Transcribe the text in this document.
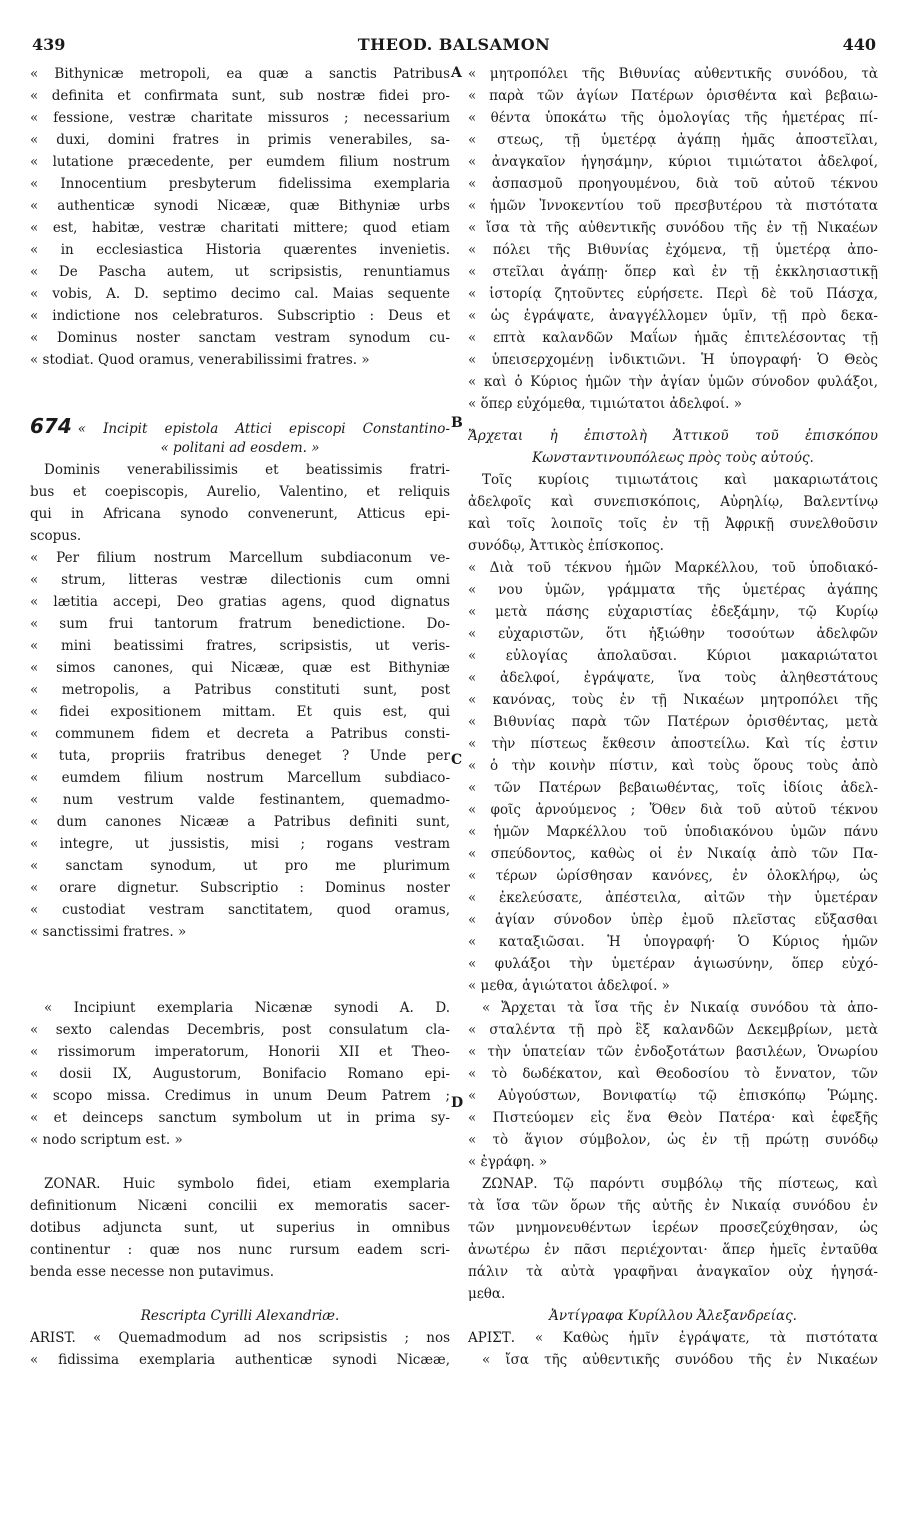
439	THEOD. BALSAMON	440
« Bithynicæ metropoli, ea quæ a sanctis Patribus
« definita et confirmata sunt, sub nostræ fidei pro-
« fessione, vestræ charitate missuros ; necessarium
« duxi, domini fratres in primis venerabiles, sa-
« lutatione præcedente, per eumdem filium nostrum
« Innocentium presbyterum fidelissima exemplaria
« authenticæ synodi Nicææ, quæ Bithyniæ urbs
« est, habitæ, vestræ charitati mittere; quod etiam
« in ecclesiastica Historia quærentes invenietis.
« De Pascha autem, ut scripsistis, renuntiamus
« vobis, A. D. septimo decimo cal. Maias sequente
« indictione nos celebraturos. Subscriptio : Deus et
« Dominus noster sanctam vestram synodum cu-
« stodiat. Quod oramus, venerabilissimi fratres. »
674 « Incipit epistola Attici episcopi Constantino-
« politani ad eosdem. »
Dominis venerabilissimis et beatissimis fratri-
bus et coepiscopis, Aurelio, Valentino, et reliquis
qui in Africana synodo convenerunt, Atticus epi-
scopus.
« Per filium nostrum Marcellum subdiaconum ve-
« strum, litteras vestræ dilectionis cum omni
« lætitia accepi, Deo gratias agens, quod dignatus
« sum frui tantorum fratrum benedictione. Do-
« mini beatissimi fratres, scripsistis, ut veris-
« simos canones, qui Nicææ, quæ est Bithyniæ
« metropolis, a Patribus constituti sunt, post
« fidei expositionem mittam. Et quis est, qui
« communem fidem et decreta a Patribus consti-
« tuta, propriis fratribus deneget ? Unde per
« eumdem filium nostrum Marcellum subdiaco-
« num vestrum valde festinantem, quemadmo-
« dum canones Nicææ a Patribus definiti sunt,
« integre, ut jussistis, misi ; rogans vestram
« sanctam synodum, ut pro me plurimum
« orare dignetur. Subscriptio : Dominus noster
« custodiat vestram sanctitatem, quod oramus,
« sanctissimi fratres. »
« Incipiunt exemplaria Nicænæ synodi A. D.
« sexto calendas Decembris, post consulatum cla-
« rissimorum imperatorum, Honorii XII et Theo-
« dosii IX, Augustorum, Bonifacio Romano epi-
« scopo missa. Credimus in unum Deum Patrem ;
« et deinceps sanctum symbolum ut in prima sy-
« nodo scriptum est. »
ZONAR. Huic symbolo fidei, etiam exemplaria
definitionum Nicæni concilii ex memoratis sacer-
dotibus adjuncta sunt, ut superius in omnibus
continentur : quæ nos nunc rursum eadem scri-
benda esse necesse non putavimus.
Rescripta Cyrilli Alexandriæ.
ARIST. « Quemadmodum ad nos scripsistis ; nos
« fidissima exemplaria authenticæ synodi Nicææ,
« μητροπόλει τῆς Βιθυνίας αὐθεντικῆς συνόδου, τὰ
« παρὰ τῶν ἁγίων Πατέρων ὁρισθέντα καὶ βεβαιω-
« θέντα ὑποκάτω τῆς ὁμολογίας τῆς ἡμετέρας πί-
« στεως, τῇ ὑμετέρᾳ ἀγάπῃ ἡμᾶς ἀποστεῖλαι,
« ἀναγκαῖον ἡγησάμην, κύριοι τιμιώτατοι ἀδελφοί,
« ἀσπασμοῦ προηγουμένου, διὰ τοῦ αὐτοῦ τέκνου
« ἡμῶν Ἰννοκεντίου τοῦ πρεσβυτέρου τὰ πιστότατα
« ἴσα τὰ τῆς αὐθεντικῆς συνόδου τῆς ἐν τῇ Νικαέων
« πόλει τῆς Βιθυνίας ἐχόμενα, τῇ ὑμετέρᾳ ἀπο-
« στεῖλαι ἀγάπῃ· ὅπερ καὶ ἐν τῇ ἐκκλησιαστικῇ
« ἱστορίᾳ ζητοῦντες εὑρήσετε. Περὶ δὲ τοῦ Πάσχα,
« ὡς ἐγράψατε, ἀναγγέλλομεν ὑμῖν, τῇ πρὸ δεκα-
« επτὰ καλανδῶν Μαΐων ἡμᾶς ἐπιτελέσοντας τῇ
« ὑπεισερχομένῃ ἰνδικτιῶνι. Ἡ ὑπογραφή· Ὁ Θεὸς
« καὶ ὁ Κύριος ἡμῶν τὴν ἁγίαν ὑμῶν σύνοδον φυλάξοι,
« ὅπερ εὐχόμεθα, τιμιώτατοι ἀδελφοί. »
Ἄρχεται ἡ ἐπιστολὴ Ἀττικοῦ τοῦ ἐπισκόπου
Κωνσταντινουπόλεως πρὸς τοὺς αὐτούς.
Τοῖς κυρίοις τιμιωτάτοις καὶ μακαριωτάτοις
ἀδελφοῖς καὶ συνεπισκόποις, Αὐρηλίῳ, Βαλεντίνῳ
καὶ τοῖς λοιποῖς τοῖς ἐν τῇ Ἀφρικῇ συνελθοῦσιν
συνόδῳ, Ἀττικὸς ἐπίσκοπος.
« Διὰ τοῦ τέκνου ἡμῶν Μαρκέλλου, τοῦ ὑποδιακό-
« νου ὑμῶν, γράμματα τῆς ὑμετέρας ἀγάπης
« μετὰ πάσης εὐχαριστίας ἐδεξάμην, τῷ Κυρίῳ
« εὐχαριστῶν, ὅτι ἠξιώθην τοσούτων ἀδελφῶν
« εὐλογίας ἀπολαῦσαι. Κύριοι μακαριώτατοι
« ἀδελφοί, ἐγράψατε, ἵνα τοὺς ἀληθεστάτους
« κανόνας, τοὺς ἐν τῇ Νικαέων μητροπόλει τῆς
« Βιθυνίας παρὰ τῶν Πατέρων ὁρισθέντας, μετὰ
« τὴν πίστεως ἔκθεσιν ἀποστείλω. Καὶ τίς ἐστιν
« ὁ τὴν κοινὴν πίστιν, καὶ τοὺς ὅρους τοὺς ἀπὸ
« τῶν Πατέρων βεβαιωθέντας, τοῖς ἰδίοις ἀδελ-
« φοῖς ἀρνούμενος ; Ὅθεν διὰ τοῦ αὐτοῦ τέκνου
« ἡμῶν Μαρκέλλου τοῦ ὑποδιακόνου ὑμῶν πάνυ
« σπεύδοντος, καθὼς οἱ ἐν Νικαίᾳ ἀπὸ τῶν Πα-
« τέρων ὡρίσθησαν κανόνες, ἐν ὁλοκλήρῳ, ὡς
« ἐκελεύσατε, ἀπέστειλα, αἰτῶν τὴν ὑμετέραν
« ἁγίαν σύνοδον ὑπὲρ ἐμοῦ πλεῖστας εὔξασθαι
« καταξιῶσαι. Ἡ ὑπογραφή· Ὁ Κύριος ἡμῶν
« φυλάξοι τὴν ὑμετέραν ἁγιωσύνην, ὅπερ εὐχό-
« μεθα, ἁγιώτατοι ἀδελφοί. »
« Ἄρχεται τὰ ἴσα τῆς ἐν Νικαίᾳ συνόδου τὰ ἀπο-
« σταλέντα τῇ πρὸ ἓξ καλανδῶν Δεκεμβρίων, μετὰ
« τὴν ὑπατείαν τῶν ἐνδοξοτάτων βασιλέων, Ὁνωρίου
« τὸ δωδέκατον, καὶ Θεοδοσίου τὸ ἔννατον, τῶν
« Αὐγούστων, Βονιφατίῳ τῷ ἐπισκόπῳ Ῥώμης.
« Πιστεύομεν εἰς ἕνα Θεὸν Πατέρα· καὶ ἑφεξῆς
« τὸ ἅγιον σύμβολον, ὡς ἐν τῇ πρώτῃ συνόδῳ
« ἐγράφη. »
ΖΩΝΑΡ. Τῷ παρόντι συμβόλῳ τῆς πίστεως, καὶ
τὰ ἴσα τῶν ὅρων τῆς αὐτῆς ἐν Νικαίᾳ συνόδου ἐν
τῶν μνημονευθέντων ἱερέων προσεζεύχθησαν, ὡς
ἀνωτέρω ἐν πᾶσι περιέχονται· ἅπερ ἡμεῖς ἐνταῦθα
πάλιν τὰ αὐτὰ γραφῆναι ἀναγκαῖον οὐχ ἡγησά-
μεθα.
Ἀντίγραφα Κυρίλλου Ἀλεξανδρείας.
ΑΡΙΣΤ. « Καθὼς ἡμῖν ἐγράψατε, τὰ πιστότατα
« ἴσα τῆς αὐθεντικῆς συνόδου τῆς ἐν Νικαέων
A
B
C
D
